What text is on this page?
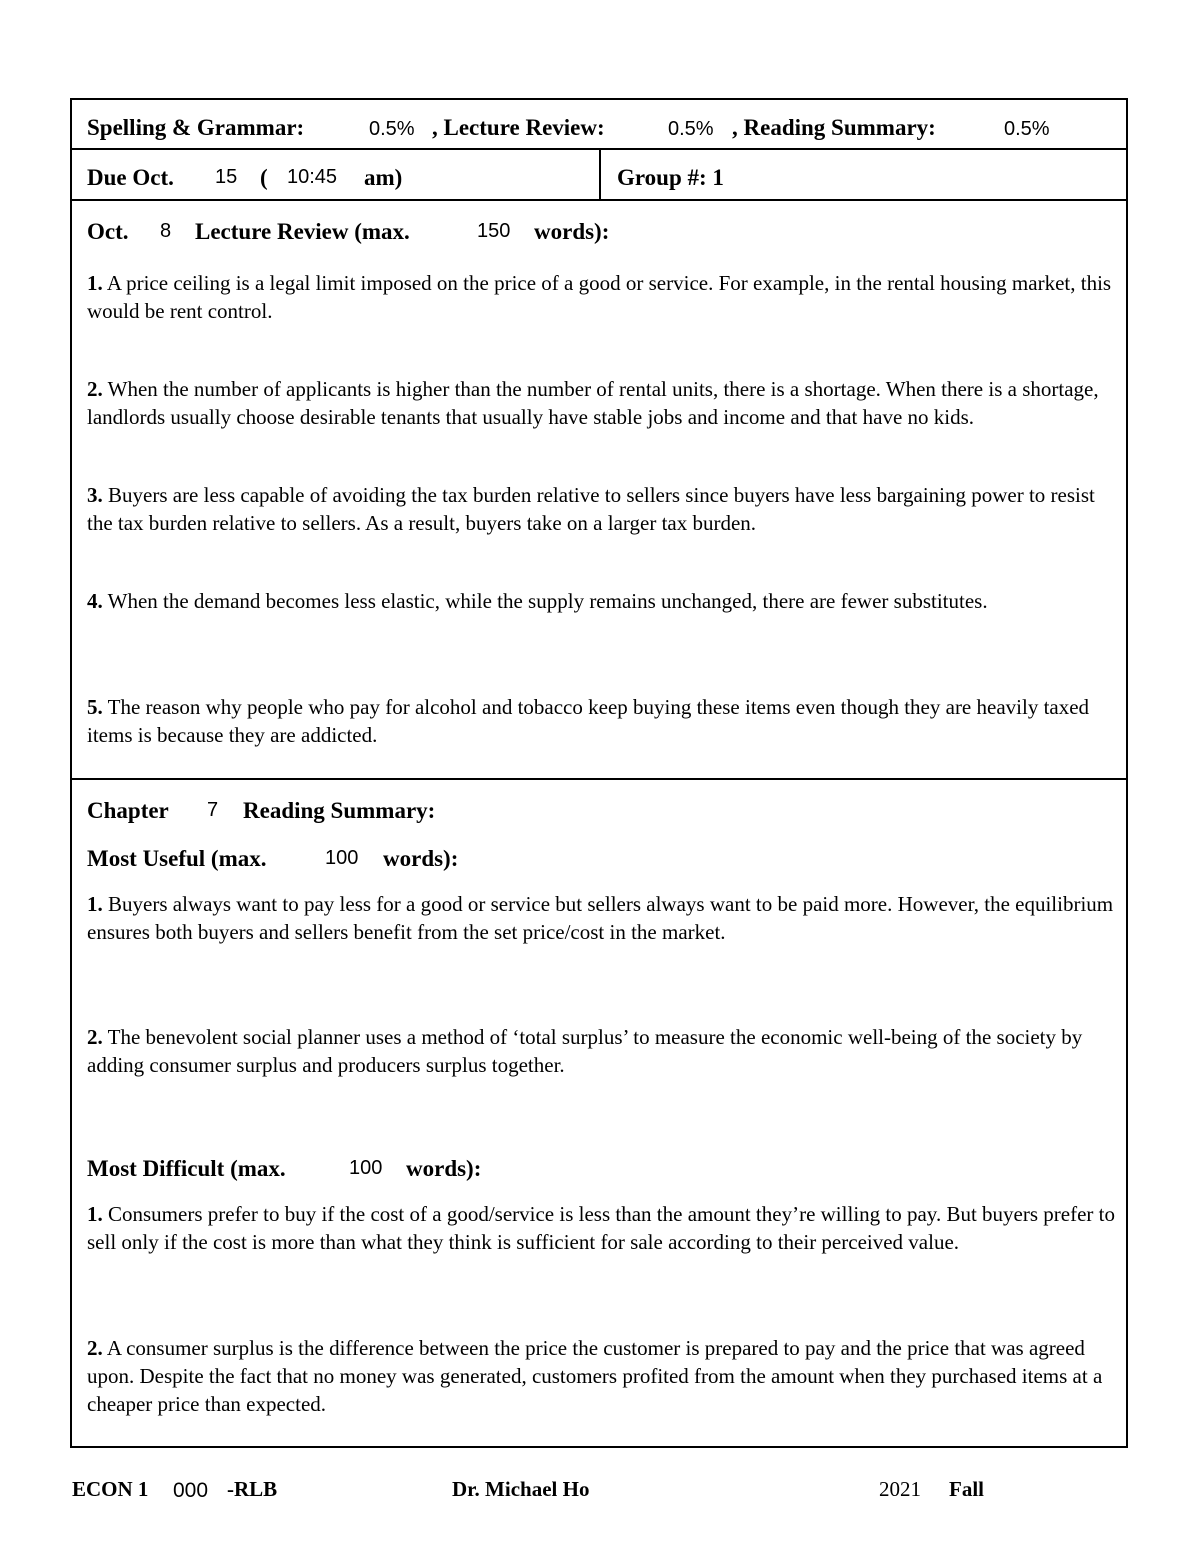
Spelling & Grammar:	0.5% , Lecture Review:	0.5% , Reading Summary:	0.5%
Due Oct. 15 ( 10:45 am)	Group #: 1
Oct. 8 Lecture Review (max.	150 words):
1. A price ceiling is a legal limit imposed on the price of a good or service. For example, in the rental housing market, this would be rent control.
2. When the number of applicants is higher than the number of rental units, there is a shortage. When there is a shortage, landlords usually choose desirable tenants that usually have stable jobs and income and that have no kids.
3. Buyers are less capable of avoiding the tax burden relative to sellers since buyers have less bargaining power to resist the tax burden relative to sellers. As a result, buyers take on a larger tax burden.
4. When the demand becomes less elastic, while the supply remains unchanged, there are fewer substitutes.
5. The reason why people who pay for alcohol and tobacco keep buying these items even though they are heavily taxed items is because they are addicted.
Chapter 7 Reading Summary:
Most Useful (max.	100 words):
1. Buyers always want to pay less for a good or service but sellers always want to be paid more. However, the equilibrium ensures both buyers and sellers benefit from the set price/cost in the market.
2. The benevolent social planner uses a method of ‘total surplus’ to measure the economic well-being of the society by adding consumer surplus and producers surplus together.
Most Difficult (max.	100 words):
1. Consumers prefer to buy if the cost of a good/service is less than the amount they’re willing to pay. But buyers prefer to sell only if the cost is more than what they think is sufficient for sale according to their perceived value.
2. A consumer surplus is the difference between the price the customer is prepared to pay and the price that was agreed upon. Despite the fact that no money was generated, customers profited from the amount when they purchased items at a cheaper price than expected.
ECON 1 000 -RLB	Dr. Michael Ho	2021 Fall
